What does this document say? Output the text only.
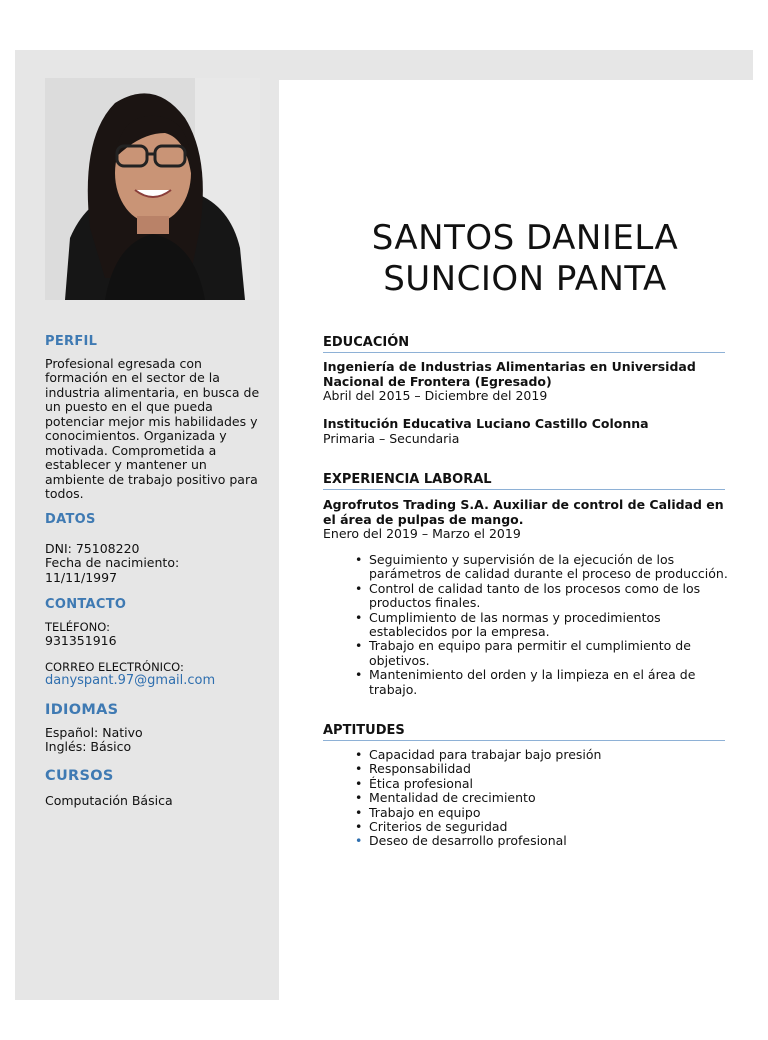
SANTOS DANIELA
SUNCION PANTA
PERFIL
Profesional egresada con formación en el sector de la industria alimentaria, en busca de un puesto en el que pueda potenciar mejor mis habilidades y conocimientos. Organizada y motivada. Comprometida a establecer y mantener un ambiente de trabajo positivo para todos.
DATOS
DNI: 75108220
Fecha de nacimiento:
11/11/1997
CONTACTO
TELÉFONO:
931351916
CORREO ELECTRÓNICO:
danyspant.97@gmail.com
IDIOMAS
Español: Nativo
Inglés: Básico
CURSOS
Computación Básica
EDUCACIÓN
Ingeniería de Industrias Alimentarias en Universidad Nacional de Frontera (Egresado)
Abril del 2015 – Diciembre del 2019
Institución Educativa Luciano Castillo Colonna
Primaria – Secundaria
EXPERIENCIA LABORAL
Agrofrutos Trading S.A. Auxiliar de control de Calidad en el área de pulpas de mango.
Enero del 2019 – Marzo el 2019
• Seguimiento y supervisión de la ejecución de los parámetros de calidad durante el proceso de producción.
• Control de calidad tanto de los procesos como de los productos finales.
• Cumplimiento de las normas y procedimientos establecidos por la empresa.
• Trabajo en equipo para permitir el cumplimiento de objetivos.
• Mantenimiento del orden y la limpieza en el área de trabajo.
APTITUDES
• Capacidad para trabajar bajo presión
• Responsabilidad
• Ética profesional
• Mentalidad de crecimiento
• Trabajo en equipo
• Criterios de seguridad
• Deseo de desarrollo profesional
